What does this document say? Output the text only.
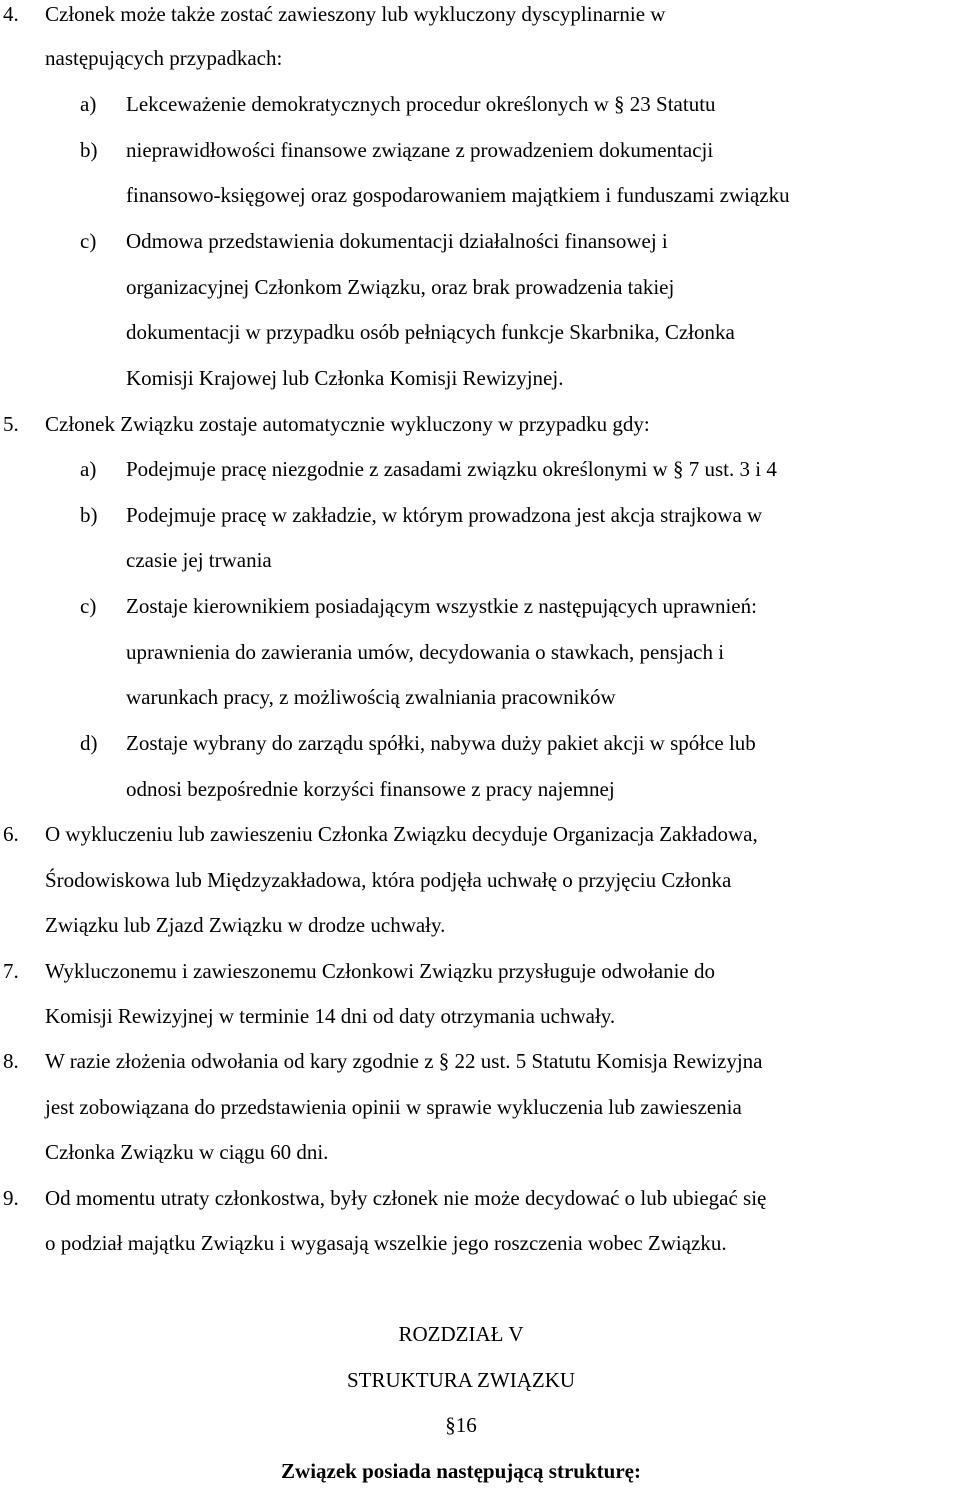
4. Członek może także zostać zawieszony lub wykluczony dyscyplinarnie w
następujących przypadkach:
a) Lekceważenie demokratycznych procedur określonych w § 23 Statutu
b) nieprawidłowości finansowe związane z prowadzeniem dokumentacji
finansowo-księgowej oraz gospodarowaniem majątkiem i funduszami związku
c) Odmowa przedstawienia dokumentacji działalności finansowej i
organizacyjnej Członkom Związku, oraz brak prowadzenia takiej
dokumentacji w przypadku osób pełniących funkcje Skarbnika, Członka
Komisji Krajowej lub Członka Komisji Rewizyjnej.
5. Członek Związku zostaje automatycznie wykluczony w przypadku gdy:
a) Podejmuje pracę niezgodnie z zasadami związku określonymi w § 7 ust. 3 i 4
b) Podejmuje pracę w zakładzie, w którym prowadzona jest akcja strajkowa w
czasie jej trwania
c) Zostaje kierownikiem posiadającym wszystkie z następujących uprawnień:
uprawnienia do zawierania umów, decydowania o stawkach, pensjach i
warunkach pracy, z możliwością zwalniania pracowników
d) Zostaje wybrany do zarządu spółki, nabywa duży pakiet akcji w spółce lub
odnosi bezpośrednie korzyści finansowe z pracy najemnej
6. O wykluczeniu lub zawieszeniu Członka Związku decyduje Organizacja Zakładowa,
Środowiskowa lub Międzyzakładowa, która podjęła uchwałę o przyjęciu Członka
Związku lub Zjazd Związku w drodze uchwały.
7. Wykluczonemu i zawieszonemu Członkowi Związku przysługuje odwołanie do
Komisji Rewizyjnej w terminie 14 dni od daty otrzymania uchwały.
8. W razie złożenia odwołania od kary zgodnie z § 22 ust. 5 Statutu Komisja Rewizyjna
jest zobowiązana do przedstawienia opinii w sprawie wykluczenia lub zawieszenia
Członka Związku w ciągu 60 dni.
9. Od momentu utraty członkostwa, były członek nie może decydować o lub ubiegać się
o podział majątku Związku i wygasają wszelkie jego roszczenia wobec Związku.
ROZDZIAŁ V
STRUKTURA ZWIĄZKU
§16
Związek posiada następującą strukturę:
